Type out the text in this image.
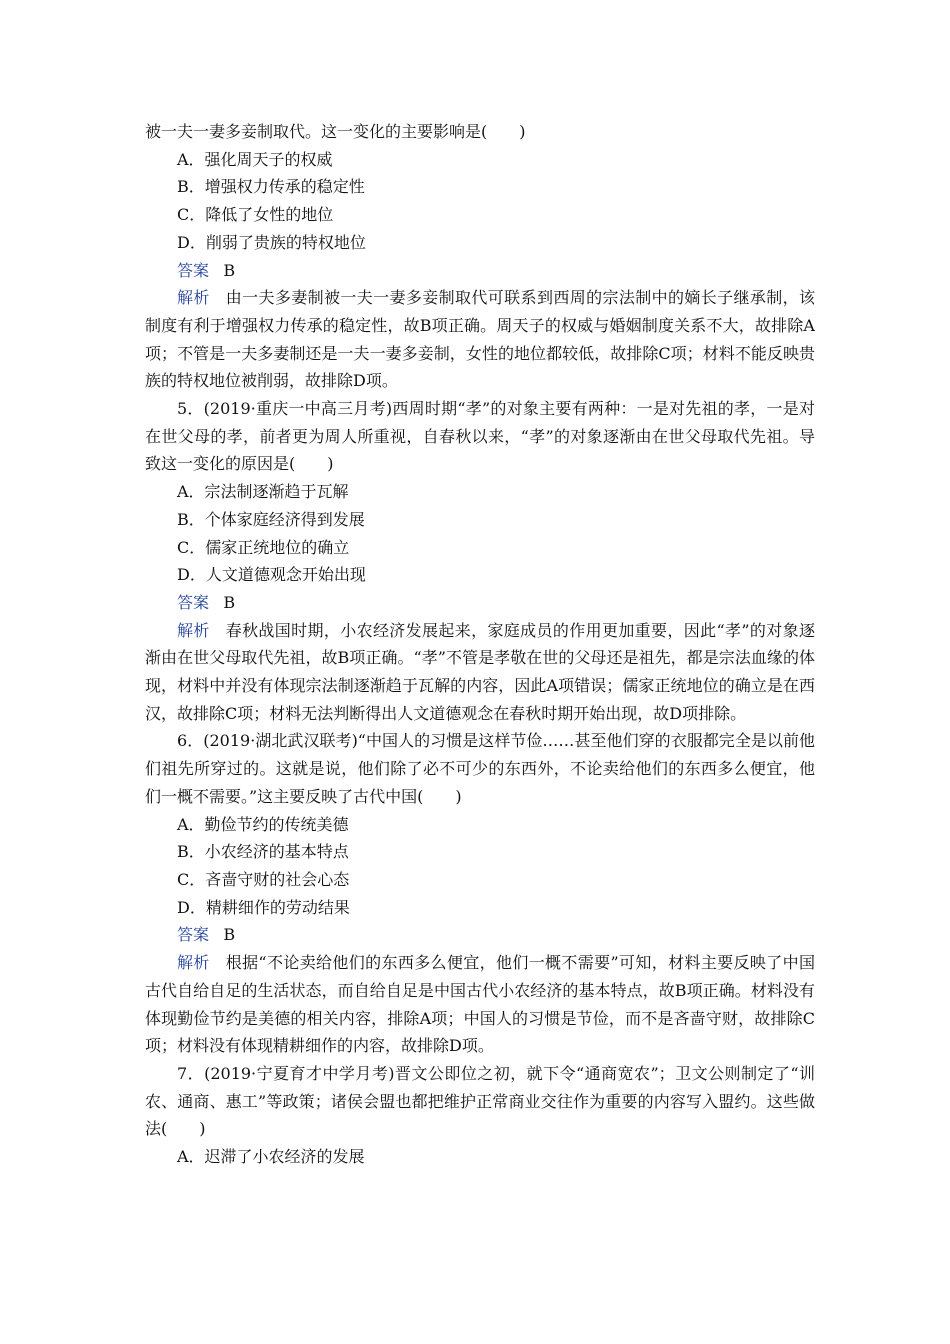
被一夫一妻多妾制取代。这一变化的主要影响是(　　)

A．强化周天子的权威

B．增强权力传承的稳定性

C．降低了女性的地位

D．削弱了贵族的特权地位

答案 B

解析 由一夫多妻制被一夫一妻多妾制取代可联系到西周的宗法制中的嫡长子继承制，该制度有利于增强权力传承的稳定性，故B项正确。周天子的权威与婚姻制度关系不大，故排除A项；不管是一夫多妻制还是一夫一妻多妾制，女性的地位都较低，故排除C项；材料不能反映贵族的特权地位被削弱，故排除D项。

5．(2019·重庆一中高三月考)西周时期“孝”的对象主要有两种：一是对先祖的孝，一是对在世父母的孝，前者更为周人所重视，自春秋以来，“孝”的对象逐渐由在世父母取代先祖。导致这一变化的原因是(　　)

A．宗法制逐渐趋于瓦解

B．个体家庭经济得到发展

C．儒家正统地位的确立

D．人文道德观念开始出现

答案 B

解析 春秋战国时期，小农经济发展起来，家庭成员的作用更加重要，因此“孝”的对象逐渐由在世父母取代先祖，故B项正确。“孝”不管是孝敬在世的父母还是祖先，都是宗法血缘的体现，材料中并没有体现宗法制逐渐趋于瓦解的内容，因此A项错误；儒家正统地位的确立是在西汉，故排除C项；材料无法判断得出人文道德观念在春秋时期开始出现，故D项排除。

6．(2019·湖北武汉联考)“中国人的习惯是这样节俭……甚至他们穿的衣服都完全是以前他们祖先所穿过的。这就是说，他们除了必不可少的东西外，不论卖给他们的东西多么便宜，他们一概不需要。”这主要反映了古代中国(　　)

A．勤俭节约的传统美德

B．小农经济的基本特点

C．吝啬守财的社会心态

D．精耕细作的劳动结果

答案 B

解析 根据“不论卖给他们的东西多么便宜，他们一概不需要”可知，材料主要反映了中国古代自给自足的生活状态，而自给自足是中国古代小农经济的基本特点，故B项正确。材料没有体现勤俭节约是美德的相关内容，排除A项；中国人的习惯是节俭，而不是吝啬守财，故排除C项；材料没有体现精耕细作的内容，故排除D项。

7．(2019·宁夏育才中学月考)晋文公即位之初，就下令“通商宽农”；卫文公则制定了“训农、通商、惠工”等政策；诸侯会盟也都把维护正常商业交往作为重要的内容写入盟约。这些做法(　　)

A．迟滞了小农经济的发展
